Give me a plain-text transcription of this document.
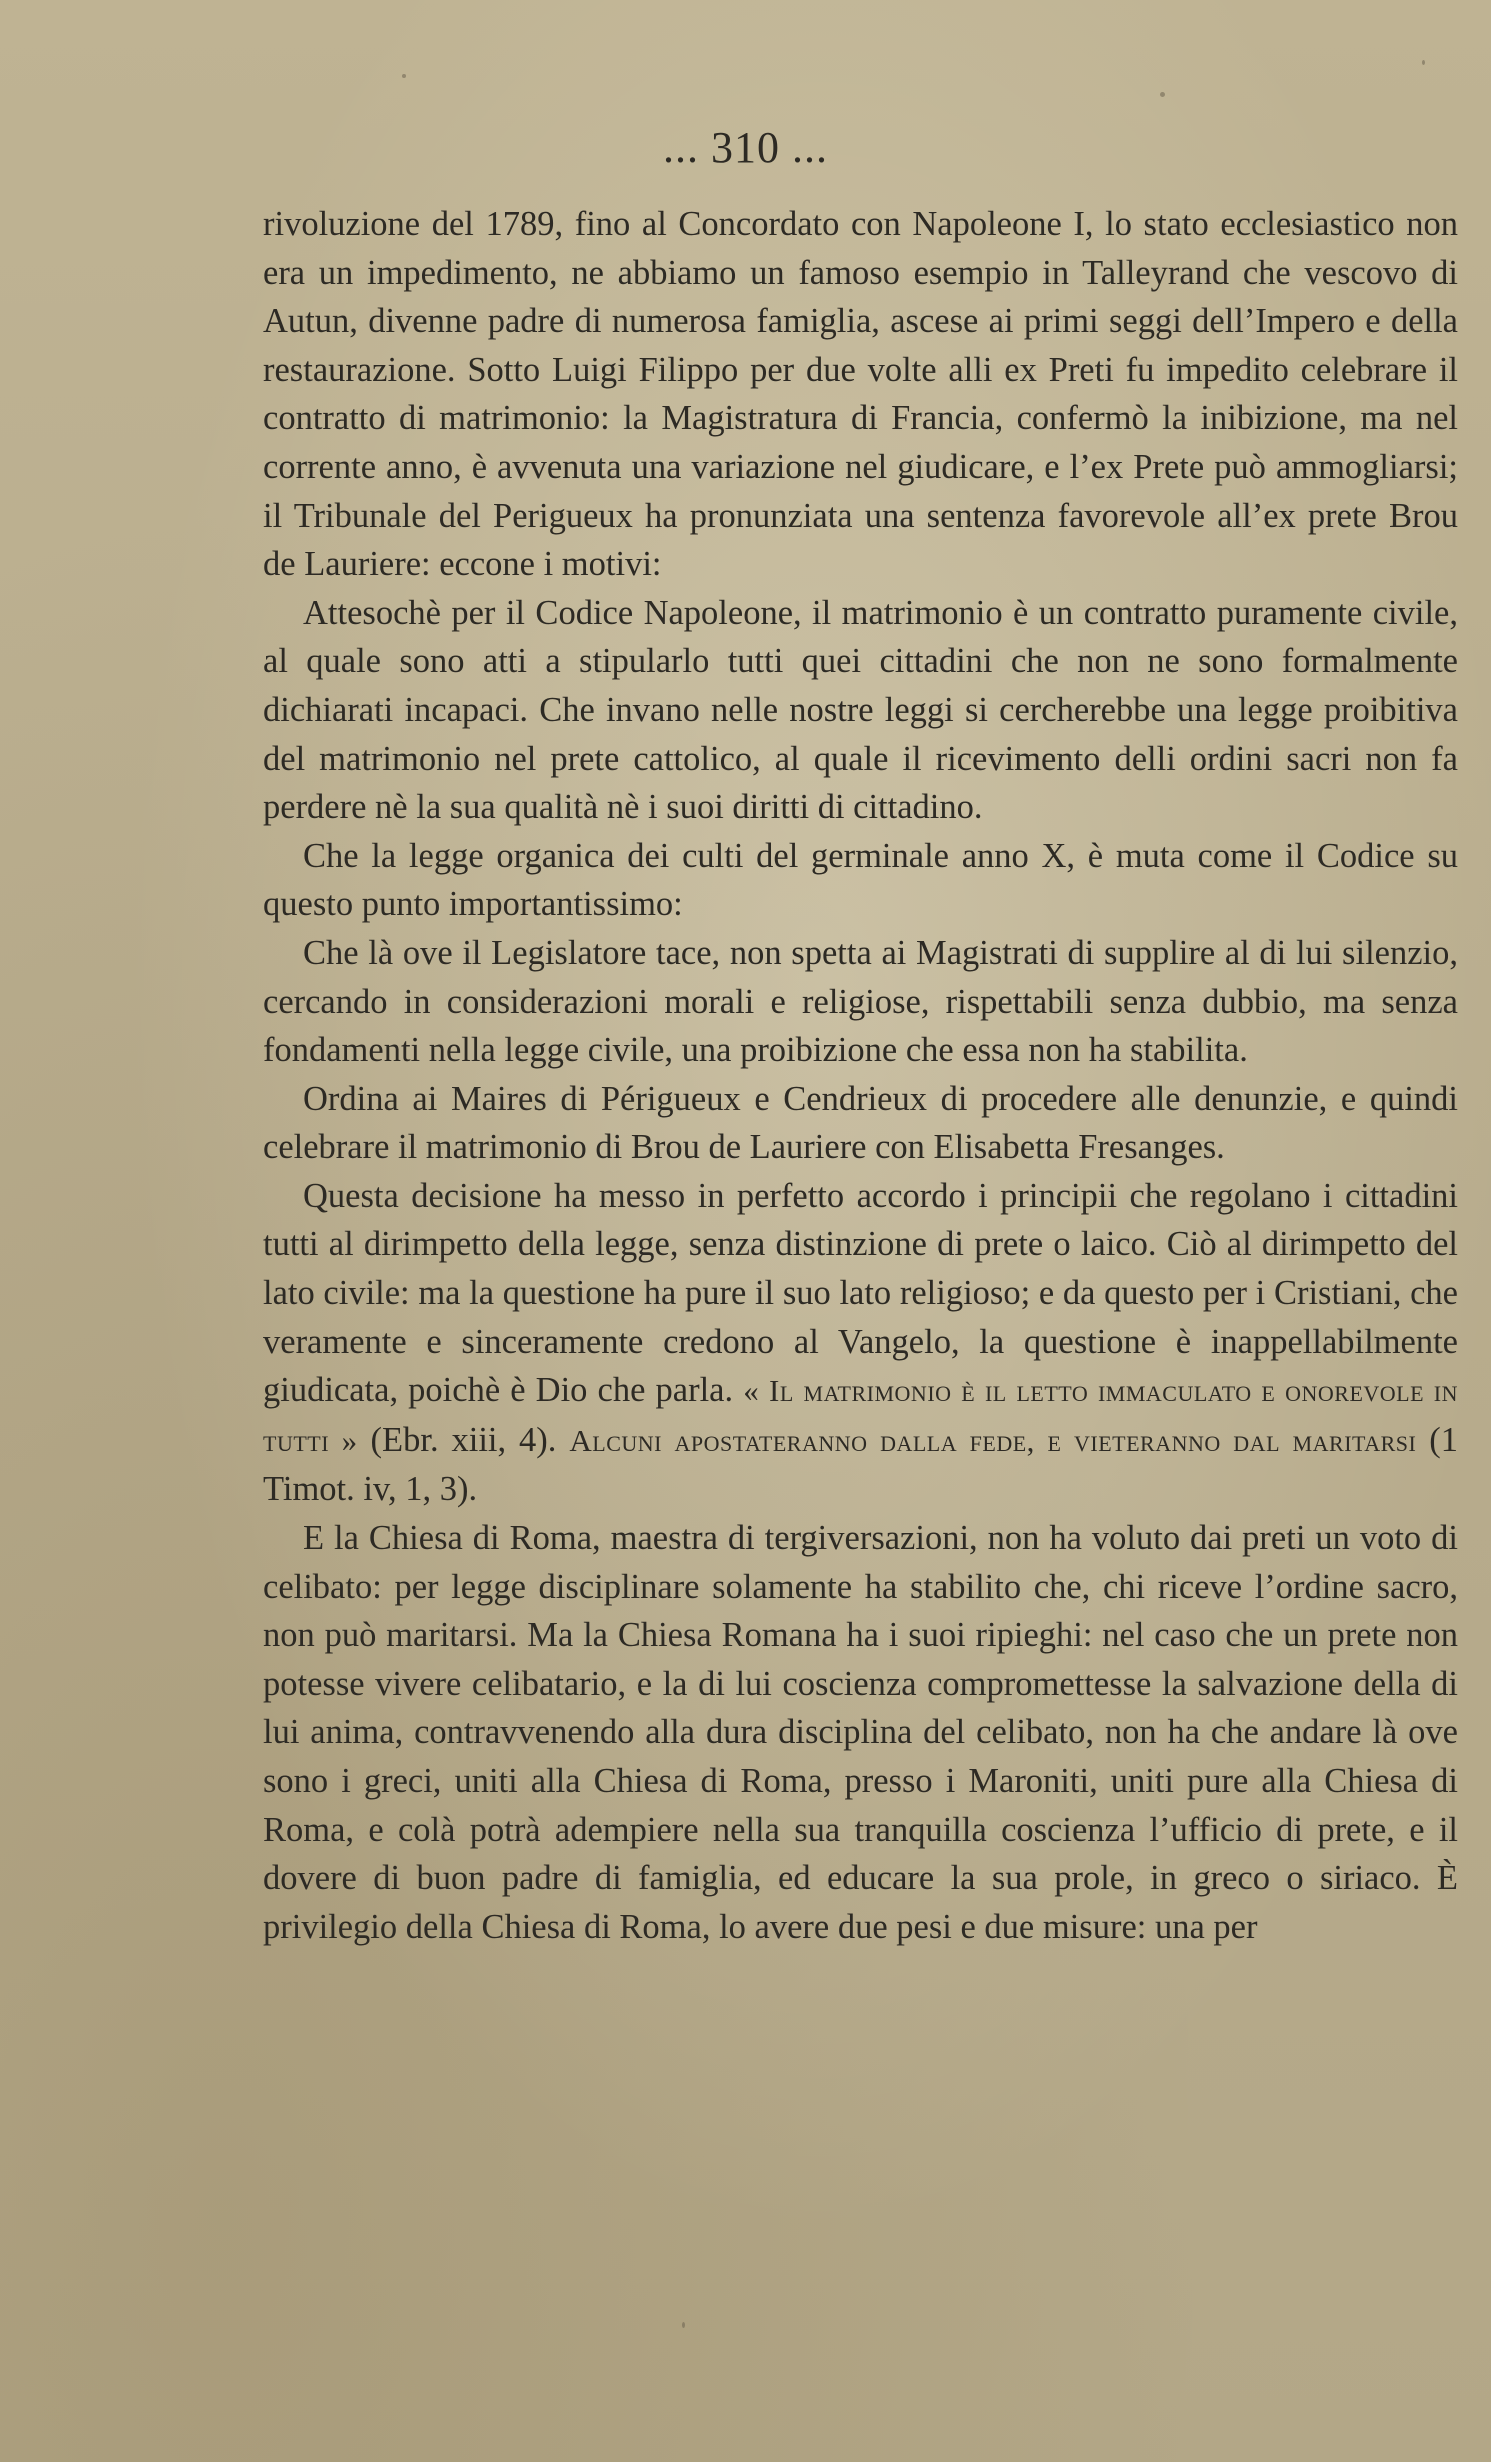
... 310 ...

rivoluzione del 1789, fino al Concordato con Napoleone I, lo stato ecclesiastico non era un impedimento, ne abbiamo un famoso esempio in Talleyrand che vescovo di Autun, divenne padre di numerosa famiglia, ascese ai primi seggi dell’Impero e della restaurazione. Sotto Luigi Filippo per due volte alli ex Preti fu impedito celebrare il contratto di matrimonio: la Magistratura di Francia, confermò la inibizione, ma nel corrente anno, è avvenuta una variazione nel giudicare, e l’ex Prete può ammogliarsi; il Tribunale del Perigueux ha pronunziata una sentenza favorevole all’ex prete Brou de Lauriere: eccone i motivi:

Attesochè per il Codice Napoleone, il matrimonio è un contratto puramente civile, al quale sono atti a stipularlo tutti quei cittadini che non ne sono formalmente dichiarati incapaci. Che invano nelle nostre leggi si cercherebbe una legge proibitiva del matrimonio nel prete cattolico, al quale il ricevimento delli ordini sacri non fa perdere nè la sua qualità nè i suoi diritti di cittadino.

Che la legge organica dei culti del germinale anno X, è muta come il Codice su questo punto importantissimo:

Che là ove il Legislatore tace, non spetta ai Magistrati di supplire al di lui silenzio, cercando in considerazioni morali e religiose, rispettabili senza dubbio, ma senza fondamenti nella legge civile, una proibizione che essa non ha stabilita.

Ordina ai Maires di Périgueux e Cendrieux di procedere alle denunzie, e quindi celebrare il matrimonio di Brou de Lauriere con Elisabetta Fresanges.

Questa decisione ha messo in perfetto accordo i principii che regolano i cittadini tutti al dirimpetto della legge, senza distinzione di prete o laico. Ciò al dirimpetto del lato civile: ma la questione ha pure il suo lato religioso; e da questo per i Cristiani, che veramente e sinceramente credono al Vangelo, la questione è inappellabilmente giudicata, poichè è Dio che parla. « Il matrimonio è il letto immaculato e onorevole in tutti » (Ebr. xiii, 4). Alcuni apostateranno dalla fede, e vieteranno dal maritarsi (1 Timot. iv, 1, 3).

E la Chiesa di Roma, maestra di tergiversazioni, non ha voluto dai preti un voto di celibato: per legge disciplinare solamente ha stabilito che, chi riceve l’ordine sacro, non può maritarsi. Ma la Chiesa Romana ha i suoi ripieghi: nel caso che un prete non potesse vivere celibatario, e la di lui coscienza compromettesse la salvazione della di lui anima, contravvenendo alla dura disciplina del celibato, non ha che andare là ove sono i greci, uniti alla Chiesa di Roma, presso i Maroniti, uniti pure alla Chiesa di Roma, e colà potrà adempiere nella sua tranquilla coscienza l’ufficio di prete, e il dovere di buon padre di famiglia, ed educare la sua prole, in greco o siriaco. È privilegio della Chiesa di Roma, lo avere due pesi e due misure: una per
